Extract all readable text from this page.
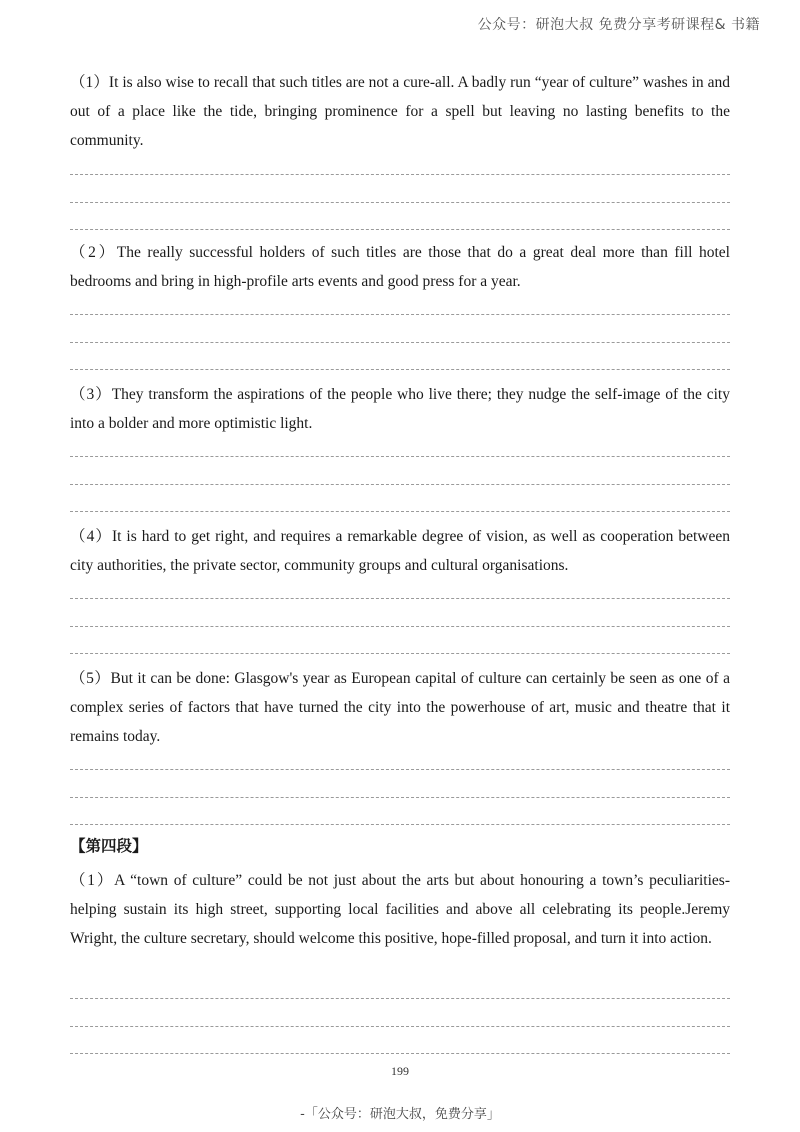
公众号：研泡大叔 免费分享考研课程& 书籍
（1）It is also wise to recall that such titles are not a cure-all. A badly run “year of culture” washes in and out of a place like the tide, bringing prominence for a spell but leaving no lasting benefits to the community.
（2）The really successful holders of such titles are those that do a great deal more than fill hotel bedrooms and bring in high-profile arts events and good press for a year.
（3）They transform the aspirations of the people who live there; they nudge the self-image of the city into a bolder and more optimistic light.
（4）It is hard to get right, and requires a remarkable degree of vision, as well as cooperation between city authorities, the private sector, community groups and cultural organisations.
（5）But it can be done: Glasgow's year as European capital of culture can certainly be seen as one of a complex series of factors that have turned the city into the powerhouse of art, music and theatre that it remains today.
【第四段】
（1）A “town of culture” could be not just about the arts but about honouring a town’s peculiarities-helping sustain its high street, supporting local facilities and above all celebrating its people.Jeremy Wright, the culture secretary, should welcome this positive, hope-filled proposal, and turn it into action.
199
-「公众号：研泡大叔，免费分享」
